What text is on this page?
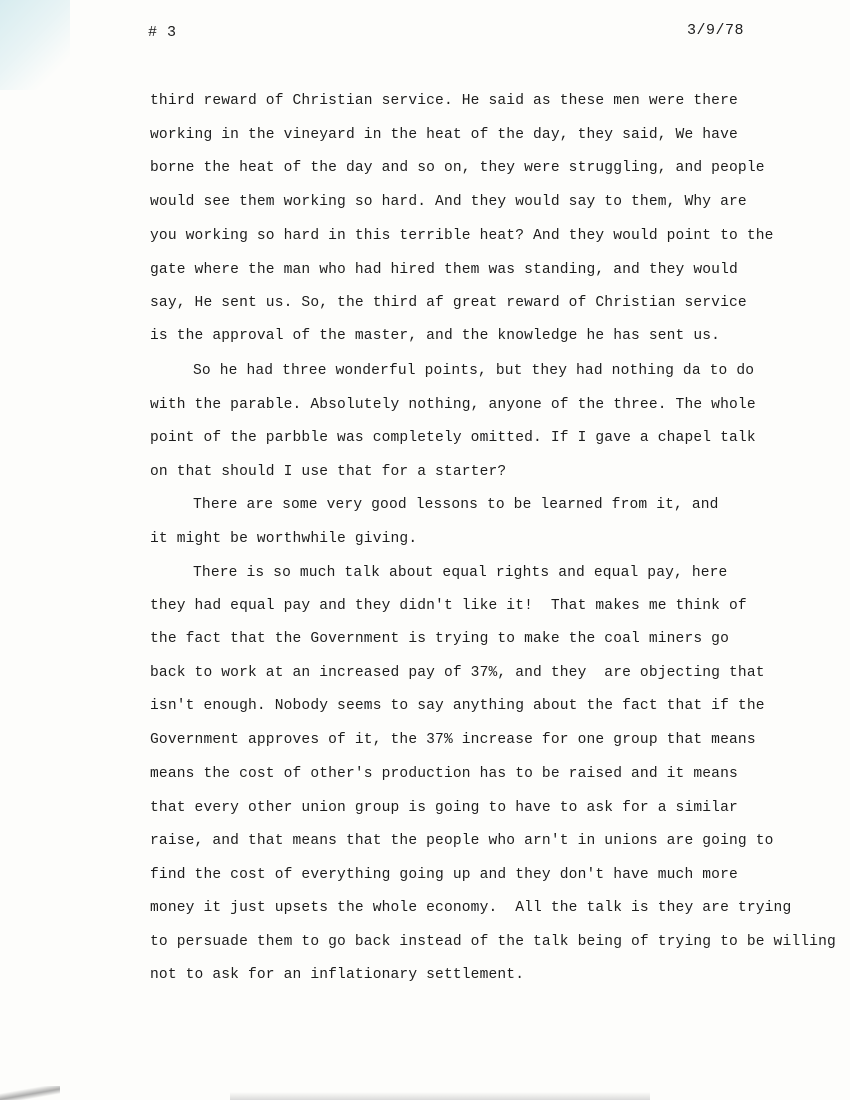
# 3	3/9/78
third reward of Christian service. He said as these men were there
working in the vineyard in the heat of the day, they said, We have
borne the heat of the day and so on, they were struggling, and people
would see them working so hard. And they would say to them, Why are
you working so hard in this terrible heat? And they would point to the
gate where the man who had hired them was standing, and they would
say, He sent us. So, the third af great reward of Christian service
is the approval of the master, and the knowledge he has sent us.
So he had three wonderful points, but they had nothing da to do
with the parable. Absolutely nothing, anyone of the three. The whole
point of the parbble was completely omitted. If I gave a chapel talk
on that should I use that for a starter?
There are some very good lessons to be learned from it, and
it might be worthwhile giving.
There is so much talk about equal rights and equal pay, here
they had equal pay and they didn't like it!  That makes me think of
the fact that the Government is trying to make the coal miners go
back to work at an increased pay of 37%, and they  are objecting that
isn't enough. Nobody seems to say anything about the fact that if the
Government approves of it, the 37% increase for one group that means
means the cost of other's production has to be raised and it means
that every other union group is going to have to ask for a similar
raise, and that means that the people who arn't in unions are going to
find the cost of everything going up and they don't have much more
money it just upsets the whole economy.  All the talk is they are trying
to persuade them to go back instead of the talk being of trying to be willing
not to ask for an inflationary settlement.
